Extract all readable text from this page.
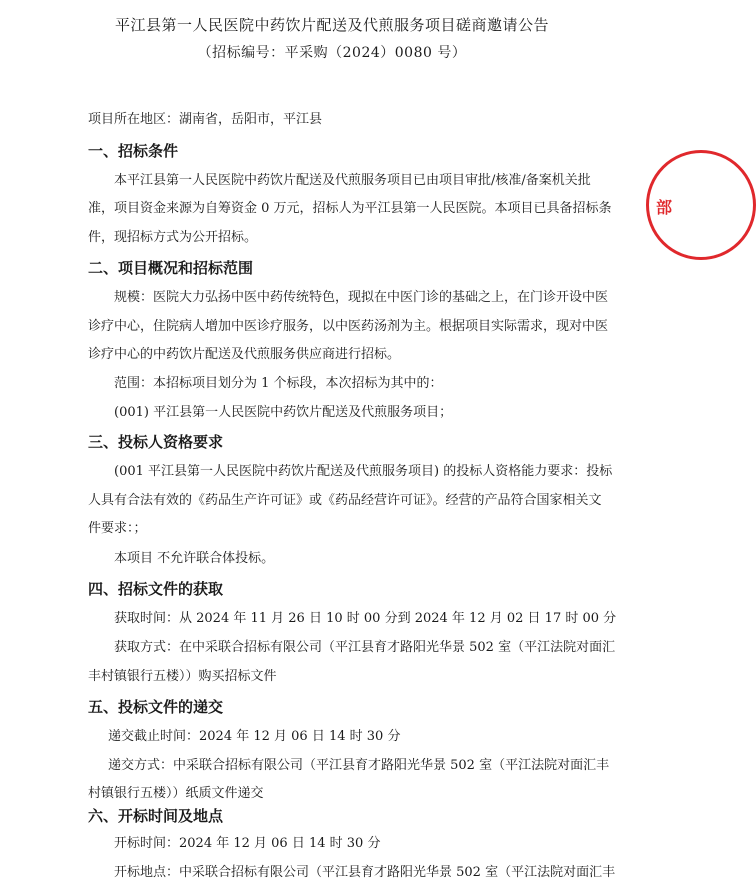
平江县第一人民医院中药饮片配送及代煎服务项目磋商邀请公告
（招标编号：平采购（2024）0080 号）
项目所在地区：湖南省，岳阳市，平江县
一、招标条件
本平江县第一人民医院中药饮片配送及代煎服务项目已由项目审批/核准/备案机关批
准，项目资金来源为自筹资金 0 万元，招标人为平江县第一人民医院。本项目已具备招标条
件，现招标方式为公开招标。
二、项目概况和招标范围
规模：医院大力弘扬中医中药传统特色，现拟在中医门诊的基础之上，在门诊开设中医
诊疗中心，住院病人增加中医诊疗服务，以中医药汤剂为主。根据项目实际需求，现对中医
诊疗中心的中药饮片配送及代煎服务供应商进行招标。
范围：本招标项目划分为 1 个标段，本次招标为其中的：
(001) 平江县第一人民医院中药饮片配送及代煎服务项目；
三、投标人资格要求
(001 平江县第一人民医院中药饮片配送及代煎服务项目) 的投标人资格能力要求：投标
人具有合法有效的《药品生产许可证》或《药品经营许可证》。经营的产品符合国家相关文
件要求：；
本项目 不允许联合体投标。
四、招标文件的获取
获取时间：从 2024 年 11 月 26 日 10 时 00 分到 2024 年 12 月 02 日 17 时 00 分
获取方式：在中采联合招标有限公司（平江县育才路阳光华景 502 室（平江法院对面汇
丰村镇银行五楼））购买招标文件
五、投标文件的递交
递交截止时间：2024 年 12 月 06 日 14 时 30 分
递交方式：中采联合招标有限公司（平江县育才路阳光华景 502 室（平江法院对面汇丰
村镇银行五楼））纸质文件递交
六、开标时间及地点
开标时间：2024 年 12 月 06 日 14 时 30 分
开标地点：中采联合招标有限公司（平江县育才路阳光华景 502 室（平江法院对面汇丰
部
